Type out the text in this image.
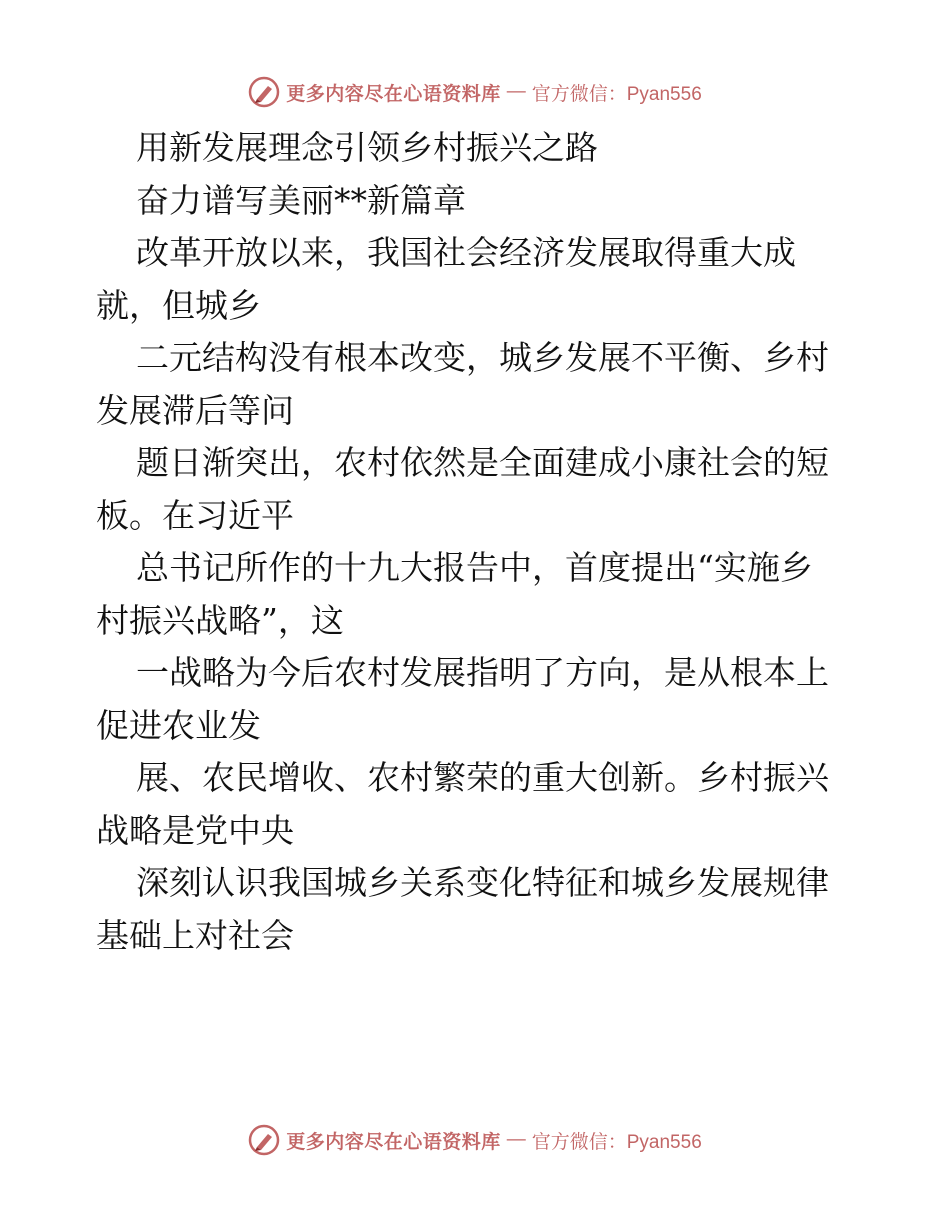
更多内容尽在心语资料库 — 官方微信：Pyan556
用新发展理念引领乡村振兴之路
奋力谱写美丽**新篇章
改革开放以来，我国社会经济发展取得重大成
就，但城乡
二元结构没有根本改变，城乡发展不平衡、乡村
发展滞后等问
题日渐突出，农村依然是全面建成小康社会的短
板。在习近平
总书记所作的十九大报告中，首度提出“实施乡
村振兴战略”，这
一战略为今后农村发展指明了方向，是从根本上
促进农业发
展、农民增收、农村繁荣的重大创新。乡村振兴
战略是党中央
深刻认识我国城乡关系变化特征和城乡发展规律
基础上对社会
更多内容尽在心语资料库 — 官方微信：Pyan556
